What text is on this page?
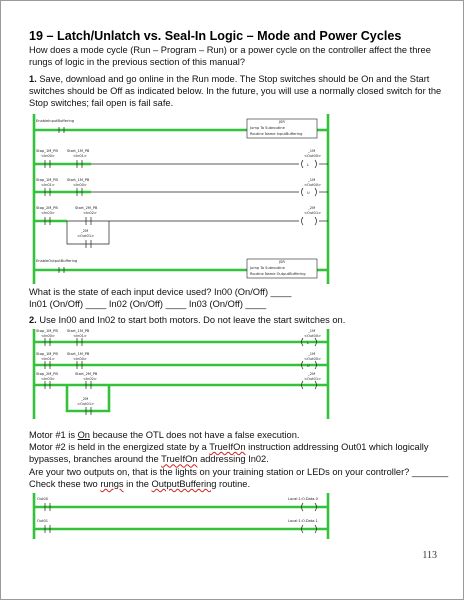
19 – Latch/Unlatch vs. Seal-In Logic – Mode and Power Cycles
How does a mode cycle (Run – Program – Run) or a power cycle on the controller affect the three rungs of logic in the previous section of this manual?
1. Save, download and go online in the Run mode. The Stop switches should be On and the Start switches should be Off as indicated below. In the future, you will use a normally closed switch for the Stop switches; fail open is fail safe.
EnableInputBuffering	JSR
Jump To Subroutine
Routine Name InputBuffering
Stop_1M_PB
<In00>
Start_1M_PB
<In01>
_1M
<Out00>
L
Stop_1M_PB
<In01>
Start_1M_PB
<In00>
_1M
<Out00>
U
Stop_2M_PB
<In03>
Start_2M_PB
<In02>
_2M
<Out01>
_2M
<Out01>
EnableOutputBuffering	JSR
Jump To Subroutine
Routine Name OutputBuffering
What is the state of each input device used? In00 (On/Off) ____
In01 (On/Off) ____ In02 (On/Off) ____ In03 (On/Off) ____
2. Use In00 and In02 to start both motors. Do not leave the start switches on.
Stop_1M_PB
<In00>
Start_1M_PB
<In01>
_1M
<Out00>
L
Stop_1M_PB
<In01>
Start_1M_PB
<In00>
_1M
<Out00>
U
Stop_2M_PB
<In03>
Start_2M_PB
<In02>
_2M
<Out01>
_2M
<Out01>
Motor #1 is On because the OTL does not have a false execution.
Motor #2 is held in the energized state by a TrueIfOn instruction addressing Out01 which logically bypasses, branches around the TrueIfOn addressing In02.
Are your two outputs on, that is the lights on your training station or LEDs on your controller? _______ Check these two rungs in the OutputBuffering routine.
Out00	Local:1:O.Data.0
Out01	Local:1:O.Data.1
113
